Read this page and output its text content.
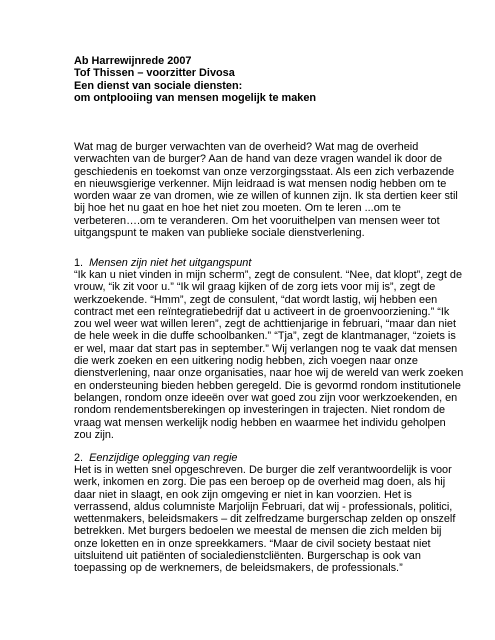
Ab Harrewijnrede 2007
Tof Thissen – voorzitter Divosa
Een dienst van sociale diensten:
om ontplooiing van mensen mogelijk te maken
Wat mag de burger verwachten van de overheid? Wat mag de overheid
verwachten van de burger? Aan de hand van deze vragen wandel ik door de
geschiedenis en toekomst van onze verzorgingsstaat. Als een zich verbazende
en nieuwsgierige verkenner. Mijn leidraad is wat mensen nodig hebben om te
worden waar ze van dromen, wie ze willen of kunnen zijn. Ik sta dertien keer stil
bij hoe het nu gaat en hoe het niet zou moeten. Om te leren ...om te
verbeteren….om te veranderen. Om het vooruithelpen van mensen weer tot
uitgangspunt te maken van publieke sociale dienstverlening.
1. Mensen zijn niet het uitgangspunt
“Ik kan u niet vinden in mijn scherm”, zegt de consulent. “Nee, dat klopt”, zegt de
vrouw, “ik zit voor u.” “Ik wil graag kijken of de zorg iets voor mij is”, zegt de
werkzoekende. “Hmm”, zegt de consulent, “dat wordt lastig, wij hebben een
contract met een reïntegratiebedrijf dat u activeert in de groenvoorziening.” “Ik
zou wel weer wat willen leren”, zegt de achttienjarige in februari, “maar dan niet
de hele week in die duffe schoolbanken.” “Tja”, zegt de klantmanager, “zoiets is
er wel, maar dat start pas in september.” Wij verlangen nog te vaak dat mensen
die werk zoeken en een uitkering nodig hebben, zich voegen naar onze
dienstverlening, naar onze organisaties, naar hoe wij de wereld van werk zoeken
en ondersteuning bieden hebben geregeld. Die is gevormd rondom institutionele
belangen, rondom onze ideeën over wat goed zou zijn voor werkzoekenden, en
rondom rendementsberekingen op investeringen in trajecten. Niet rondom de
vraag wat mensen werkelijk nodig hebben en waarmee het individu geholpen
zou zijn.
2. Eenzijdige oplegging van regie
Het is in wetten snel opgeschreven. De burger die zelf verantwoordelijk is voor
werk, inkomen en zorg. Die pas een beroep op de overheid mag doen, als hij
daar niet in slaagt, en ook zijn omgeving er niet in kan voorzien. Het is
verrassend, aldus columniste Marjolijn Februari, dat wij - professionals, politici,
wettenmakers, beleidsmakers – dit zelfredzame burgerschap zelden op onszelf
betrekken. Met burgers bedoelen we meestal de mensen die zich melden bij
onze loketten en in onze spreekkamers. “Maar de civil society bestaat niet
uitsluitend uit patiënten of socialedienstcliënten. Burgerschap is ook van
toepassing op de werknemers, de beleidsmakers, de professionals.”
